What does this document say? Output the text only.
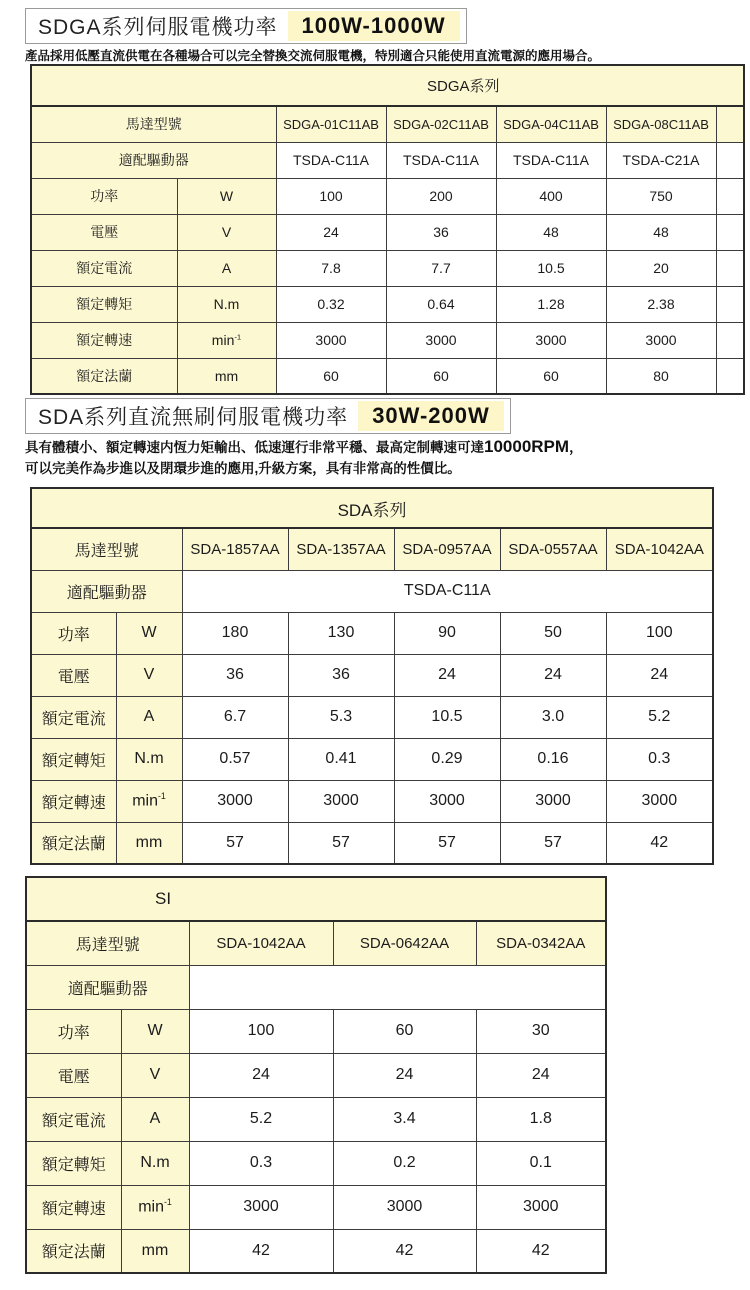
SDGA系列伺服電機功率	100W-1000W
產品採用低壓直流供電在各種場合可以完全替換交流伺服電機，特別適合只能使用直流電源的應用場合。
SDGA系列						
馬達型號		SDGA-01C11AB	SDGA-02C11AB	SDGA-04C11AB	SDGA-08C11AB	
適配驅動器		TSDA-C11A	TSDA-C11A	TSDA-C11A	TSDA-C21A	
功率	W	100	200	400	750	
電壓	V	24	36	48	48	
額定電流	A	7.8	7.7	10.5	20	
額定轉矩	N.m	0.32	0.64	1.28	2.38	
額定轉速	$\min^{-1}$	3000	3000	3000	3000	
額定法蘭	mm	60	60	60	80	
SDA系列直流無刷伺服電機功率	30W-200W
具有體積小、額定轉速内恆力矩輸出、低速運行非常平穩、最高定制轉速可達10000RPM，
可以完美作為步進以及閉環步進的應用,升級方案，具有非常高的性價比。
SDA系列						
馬達型號		SDA-1857AA	SDA-1357AA	SDA-0957AA	SDA-0557AA	SDA-1042AA
適配驅動器		TSDA-C11A				
功率	W	180	130	90	50	100
電壓	V	36	36	24	24	24
額定電流	A	6.7	5.3	10.5	3.0	5.2
額定轉矩	N.m	0.57	0.41	0.29	0.16	0.3
額定轉速	$\min^{-1}$	3000	3000	3000	3000	3000
額定法蘭	mm	57	57	57	57	42
SI				
馬達型號		SDA-1042AA	SDA-0642AA	SDA-0342AA
適配驅動器				
功率	W	100	60	30
電壓	V	24	24	24
額定電流	A	5.2	3.4	1.8
額定轉矩	N.m	0.3	0.2	0.1
額定轉速	$\min^{-1}$	3000	3000	3000
額定法蘭	mm	42	42	42
